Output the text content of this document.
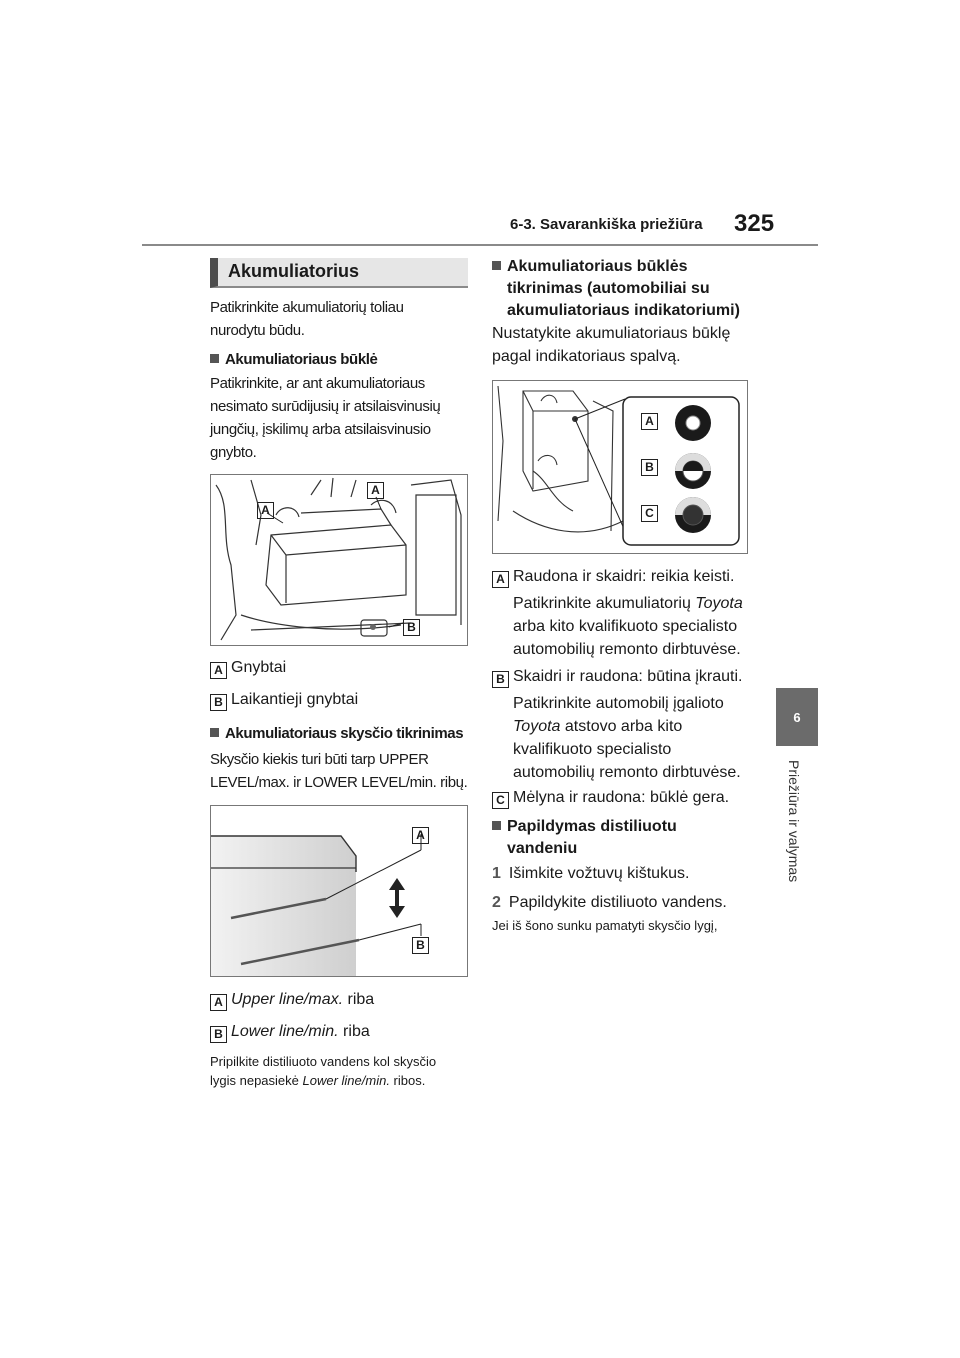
6-3. Savarankiška priežiūra 325
6
Priežiūra ir valymas
Akumuliatorius
Patikrinkite akumuliatorių toliau
nurodytu būdu.
Akumuliatoriaus būklė
Patikrinkite, ar ant akumuliatoriaus
nesimato surūdijusių ir atsilaisvinusių
jungčių, įskilimų arba atsilaisvinusio
gnybto.
A
A
B
A Gnybtai
B Laikantieji gnybtai
Akumuliatoriaus skysčio tikrinimas
Skysčio kiekis turi būti tarp UPPER
LEVEL/max. ir LOWER LEVEL/min. ribų.
A
B
A Upper line/max. riba
B Lower line/min. riba
Pripilkite distiliuoto vandens kol skysčio
lygis nepasiekė Lower line/min. ribos.
Akumuliatoriaus būklės
tikrinimas (automobiliai su
akumuliatoriaus indikatoriumi)
Nustatykite akumuliatoriaus būklę
pagal indikatoriaus spalvą.
A
B
C
A Raudona ir skaidri: reikia keisti.
Patikrinkite akumuliatorių Toyota
arba kito kvalifikuoto specialisto
automobilių remonto dirbtuvėse.
B Skaidri ir raudona: būtina įkrauti.
Patikrinkite automobilį įgalioto
Toyota atstovo arba kito
kvalifikuoto specialisto
automobilių remonto dirbtuvėse.
C Mėlyna ir raudona: būklė gera.
Papildymas distiliuotu
vandeniu
1 Išimkite vožtuvų kištukus.
2 Papildykite distiliuoto vandens.
Jei iš šono sunku pamatyti skysčio lygį,
